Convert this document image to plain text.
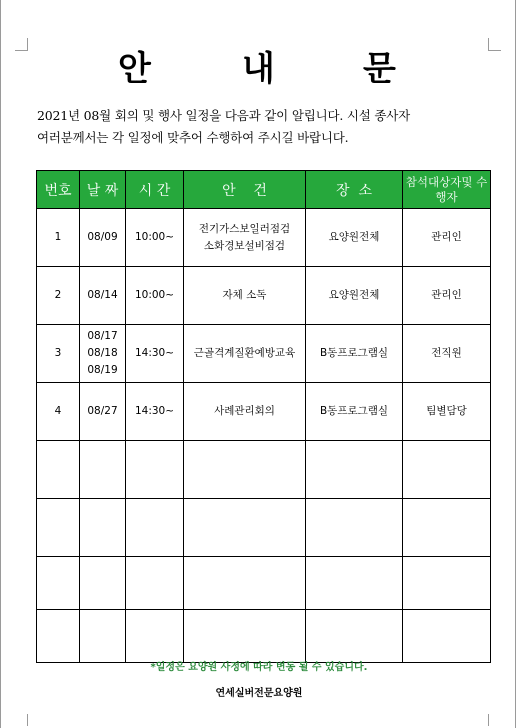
안	내	문
2021년 08월 회의 및 행사 일정을 다음과 같이 알립니다. 시설 종사자
여러분께서는 각 일정에 맞추어 수행하여 주시길 바랍니다.
번호	날 짜	시 간	안    건	장  소	참석대상자및 수행자
1	08/09	10:00~	전기가스보일러점검
소화경보설비점검	요양원전체	관리인
2	08/14	10:00~	자체 소독	요양원전체	관리인
3	08/17
08/18
08/19	14:30~	근골격계질환예방교육	B동프로그램실	전직원
4	08/27	14:30~	사례관리회의	B동프로그램실	팀별담당

*일정은 요양원 사정에 따라 변동 될 수 있습니다.
연세실버전문요양원
